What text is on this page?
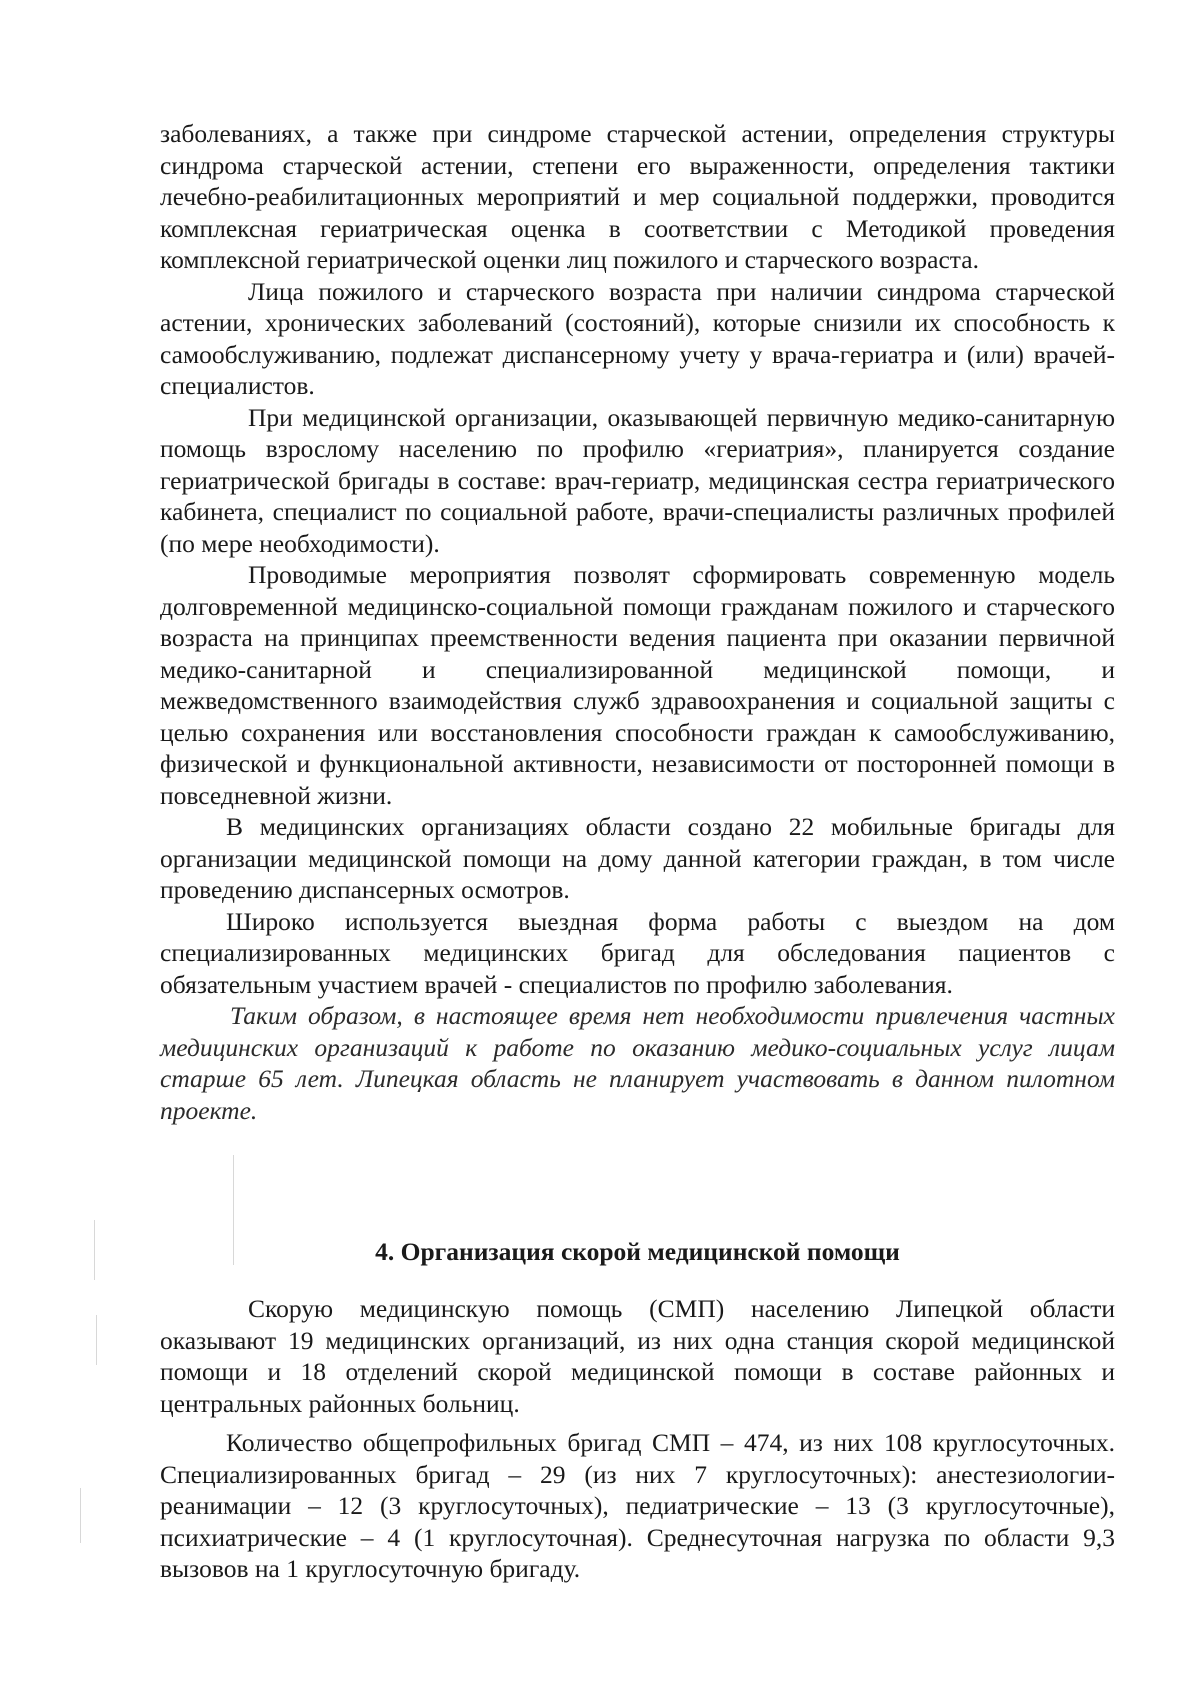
заболеваниях, а также при синдроме старческой астении, определения структуры синдрома старческой астении, степени его выраженности, определения тактики лечебно-реабилитационных мероприятий и мер социальной поддержки, проводится комплексная гериатрическая оценка в соответствии с Методикой проведения комплексной гериатрической оценки лиц пожилого и старческого возраста.

Лица пожилого и старческого возраста при наличии синдрома старческой астении, хронических заболеваний (состояний), которые снизили их способность к самообслуживанию, подлежат диспансерному учету у врача-гериатра и (или) врачей-специалистов.

При медицинской организации, оказывающей первичную медико-санитарную помощь взрослому населению по профилю «гериатрия», планируется создание гериатрической бригады в составе: врач-гериатр, медицинская сестра гериатрического кабинета, специалист по социальной работе, врачи-специалисты различных профилей (по мере необходимости).

Проводимые мероприятия позволят сформировать современную модель долговременной медицинско-социальной помощи гражданам пожилого и старческого возраста на принципах преемственности ведения пациента при оказании первичной медико-санитарной и специализированной медицинской помощи, и межведомственного взаимодействия служб здравоохранения и социальной защиты с целью сохранения или восстановления способности граждан к самообслуживанию, физической и функциональной активности, независимости от посторонней помощи в повседневной жизни.

В медицинских организациях области создано 22 мобильные бригады для организации медицинской помощи на дому данной категории граждан, в том числе проведению диспансерных осмотров.

Широко используется выездная форма работы с выездом на дом специализированных медицинских бригад для обследования пациентов с обязательным участием врачей - специалистов по профилю заболевания.

Таким образом, в настоящее время нет необходимости привлечения частных медицинских организаций к работе по оказанию медико-социальных услуг лицам старше 65 лет. Липецкая область не планирует участвовать в данном пилотном проекте.

4. Организация скорой медицинской помощи

Скорую медицинскую помощь (СМП) населению Липецкой области оказывают 19 медицинских организаций, из них одна станция скорой медицинской помощи и 18 отделений скорой медицинской помощи в составе районных и центральных районных больниц.

Количество общепрофильных бригад СМП – 474, из них 108 круглосуточных. Специализированных бригад – 29 (из них 7 круглосуточных): анестезиологии-реанимации – 12 (3 круглосуточных), педиатрические – 13 (3 круглосуточные), психиатрические – 4 (1 круглосуточная). Среднесуточная нагрузка по области 9,3 вызовов на 1 круглосуточную бригаду.
